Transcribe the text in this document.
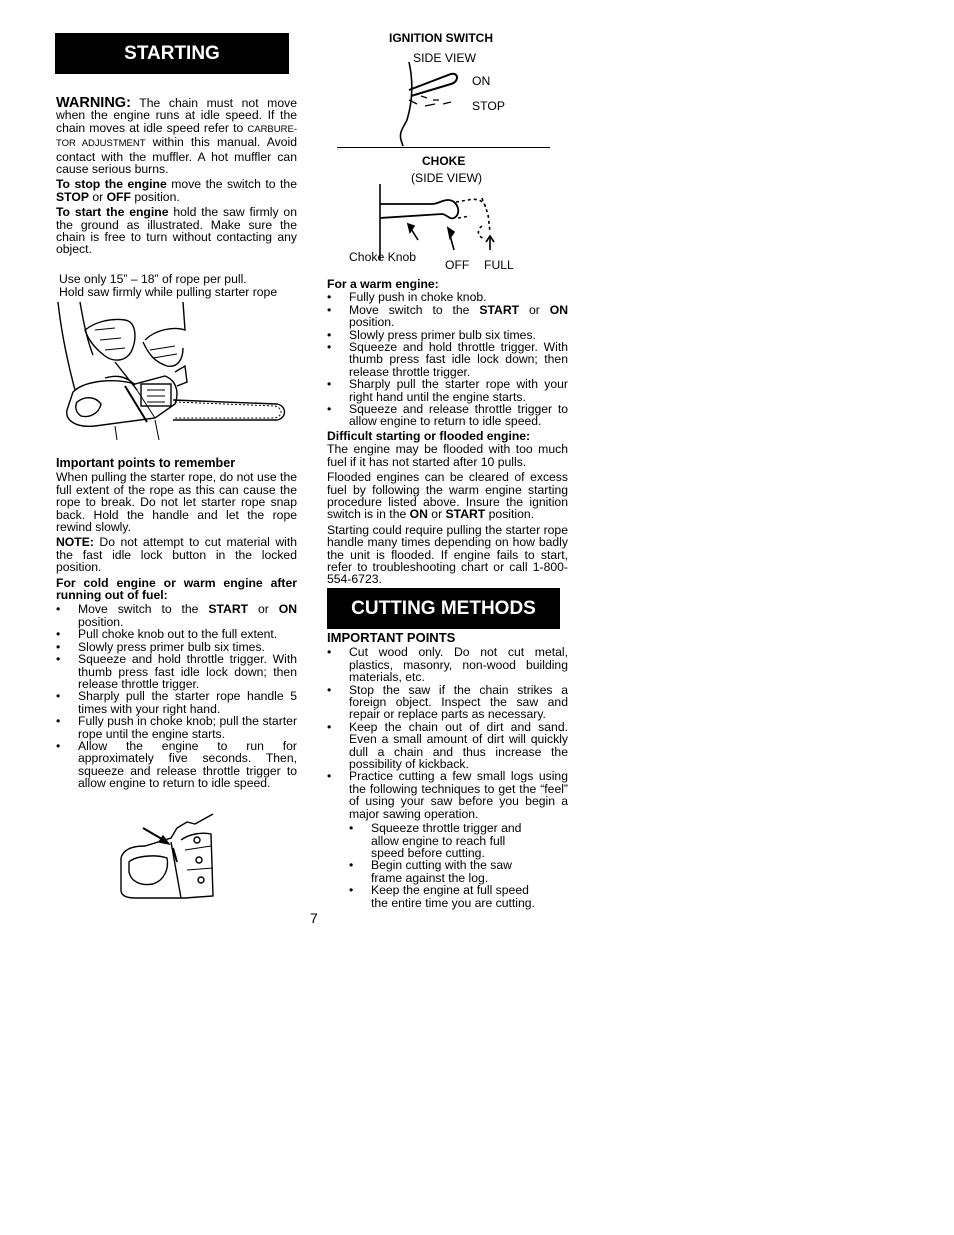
STARTING

WARNING: The chain must not move when the engine runs at idle speed. If the chain moves at idle speed refer to CARBURE-TOR ADJUSTMENT within this manual. Avoid contact with the muffler. A hot muffler can cause serious burns.

To stop the engine move the switch to the STOP or OFF position.

To start the engine hold the saw firmly on the ground as illustrated. Make sure the chain is free to turn without contacting any object.

Use only 15” – 18” of rope per pull.
Hold saw firmly while pulling starter rope
Important points to remember

When pulling the starter rope, do not use the full extent of the rope as this can cause the rope to break. Do not let starter rope snap back. Hold the handle and let the rope rewind slowly.

NOTE: Do not attempt to cut material with the fast idle lock button in the locked position.

For cold engine or warm engine after running out of fuel:

• Move switch to the START or ON position.
• Pull choke knob out to the full extent.
• Slowly press primer bulb six times.
• Squeeze and hold throttle trigger. With thumb press fast idle lock down; then release throttle trigger.
• Sharply pull the starter rope handle 5 times with your right hand.
• Fully push in choke knob; pull the starter rope until the engine starts.
• Allow the engine to run for approximately five seconds. Then, squeeze and release throttle trigger to allow engine to return to idle speed.
7
IGNITION SWITCH
SIDE VIEW
ON
STOP
CHOKE
(SIDE VIEW)
Choke Knob
OFF FULL

For a warm engine:

• Fully push in choke knob.
• Move switch to the START or ON position.
• Slowly press primer bulb six times.
• Squeeze and hold throttle trigger. With thumb press fast idle lock down; then release throttle trigger.
• Sharply pull the starter rope with your right hand until the engine starts.
• Squeeze and release throttle trigger to allow engine to return to idle speed.

Difficult starting or flooded engine:

The engine may be flooded with too much fuel if it has not started after 10 pulls.

Flooded engines can be cleared of excess fuel by following the warm engine starting procedure listed above. Insure the ignition switch is in the ON or START position.

Starting could require pulling the starter rope handle many times depending on how badly the unit is flooded. If engine fails to start, refer to troubleshooting chart or call 1-800-554-6723.

CUTTING METHODS
IMPORTANT POINTS
• Cut wood only. Do not cut metal, plastics, masonry, non-wood building materials, etc.
• Stop the saw if the chain strikes a foreign object. Inspect the saw and repair or replace parts as necessary.
• Keep the chain out of dirt and sand. Even a small amount of dirt will quickly dull a chain and thus increase the possibility of kickback.
• Practice cutting a few small logs using the following techniques to get the “feel” of using your saw before you begin a major sawing operation.
• Squeeze throttle trigger and allow engine to reach full speed before cutting.
• Begin cutting with the saw frame against the log.
• Keep the engine at full speed the entire time you are cutting.
